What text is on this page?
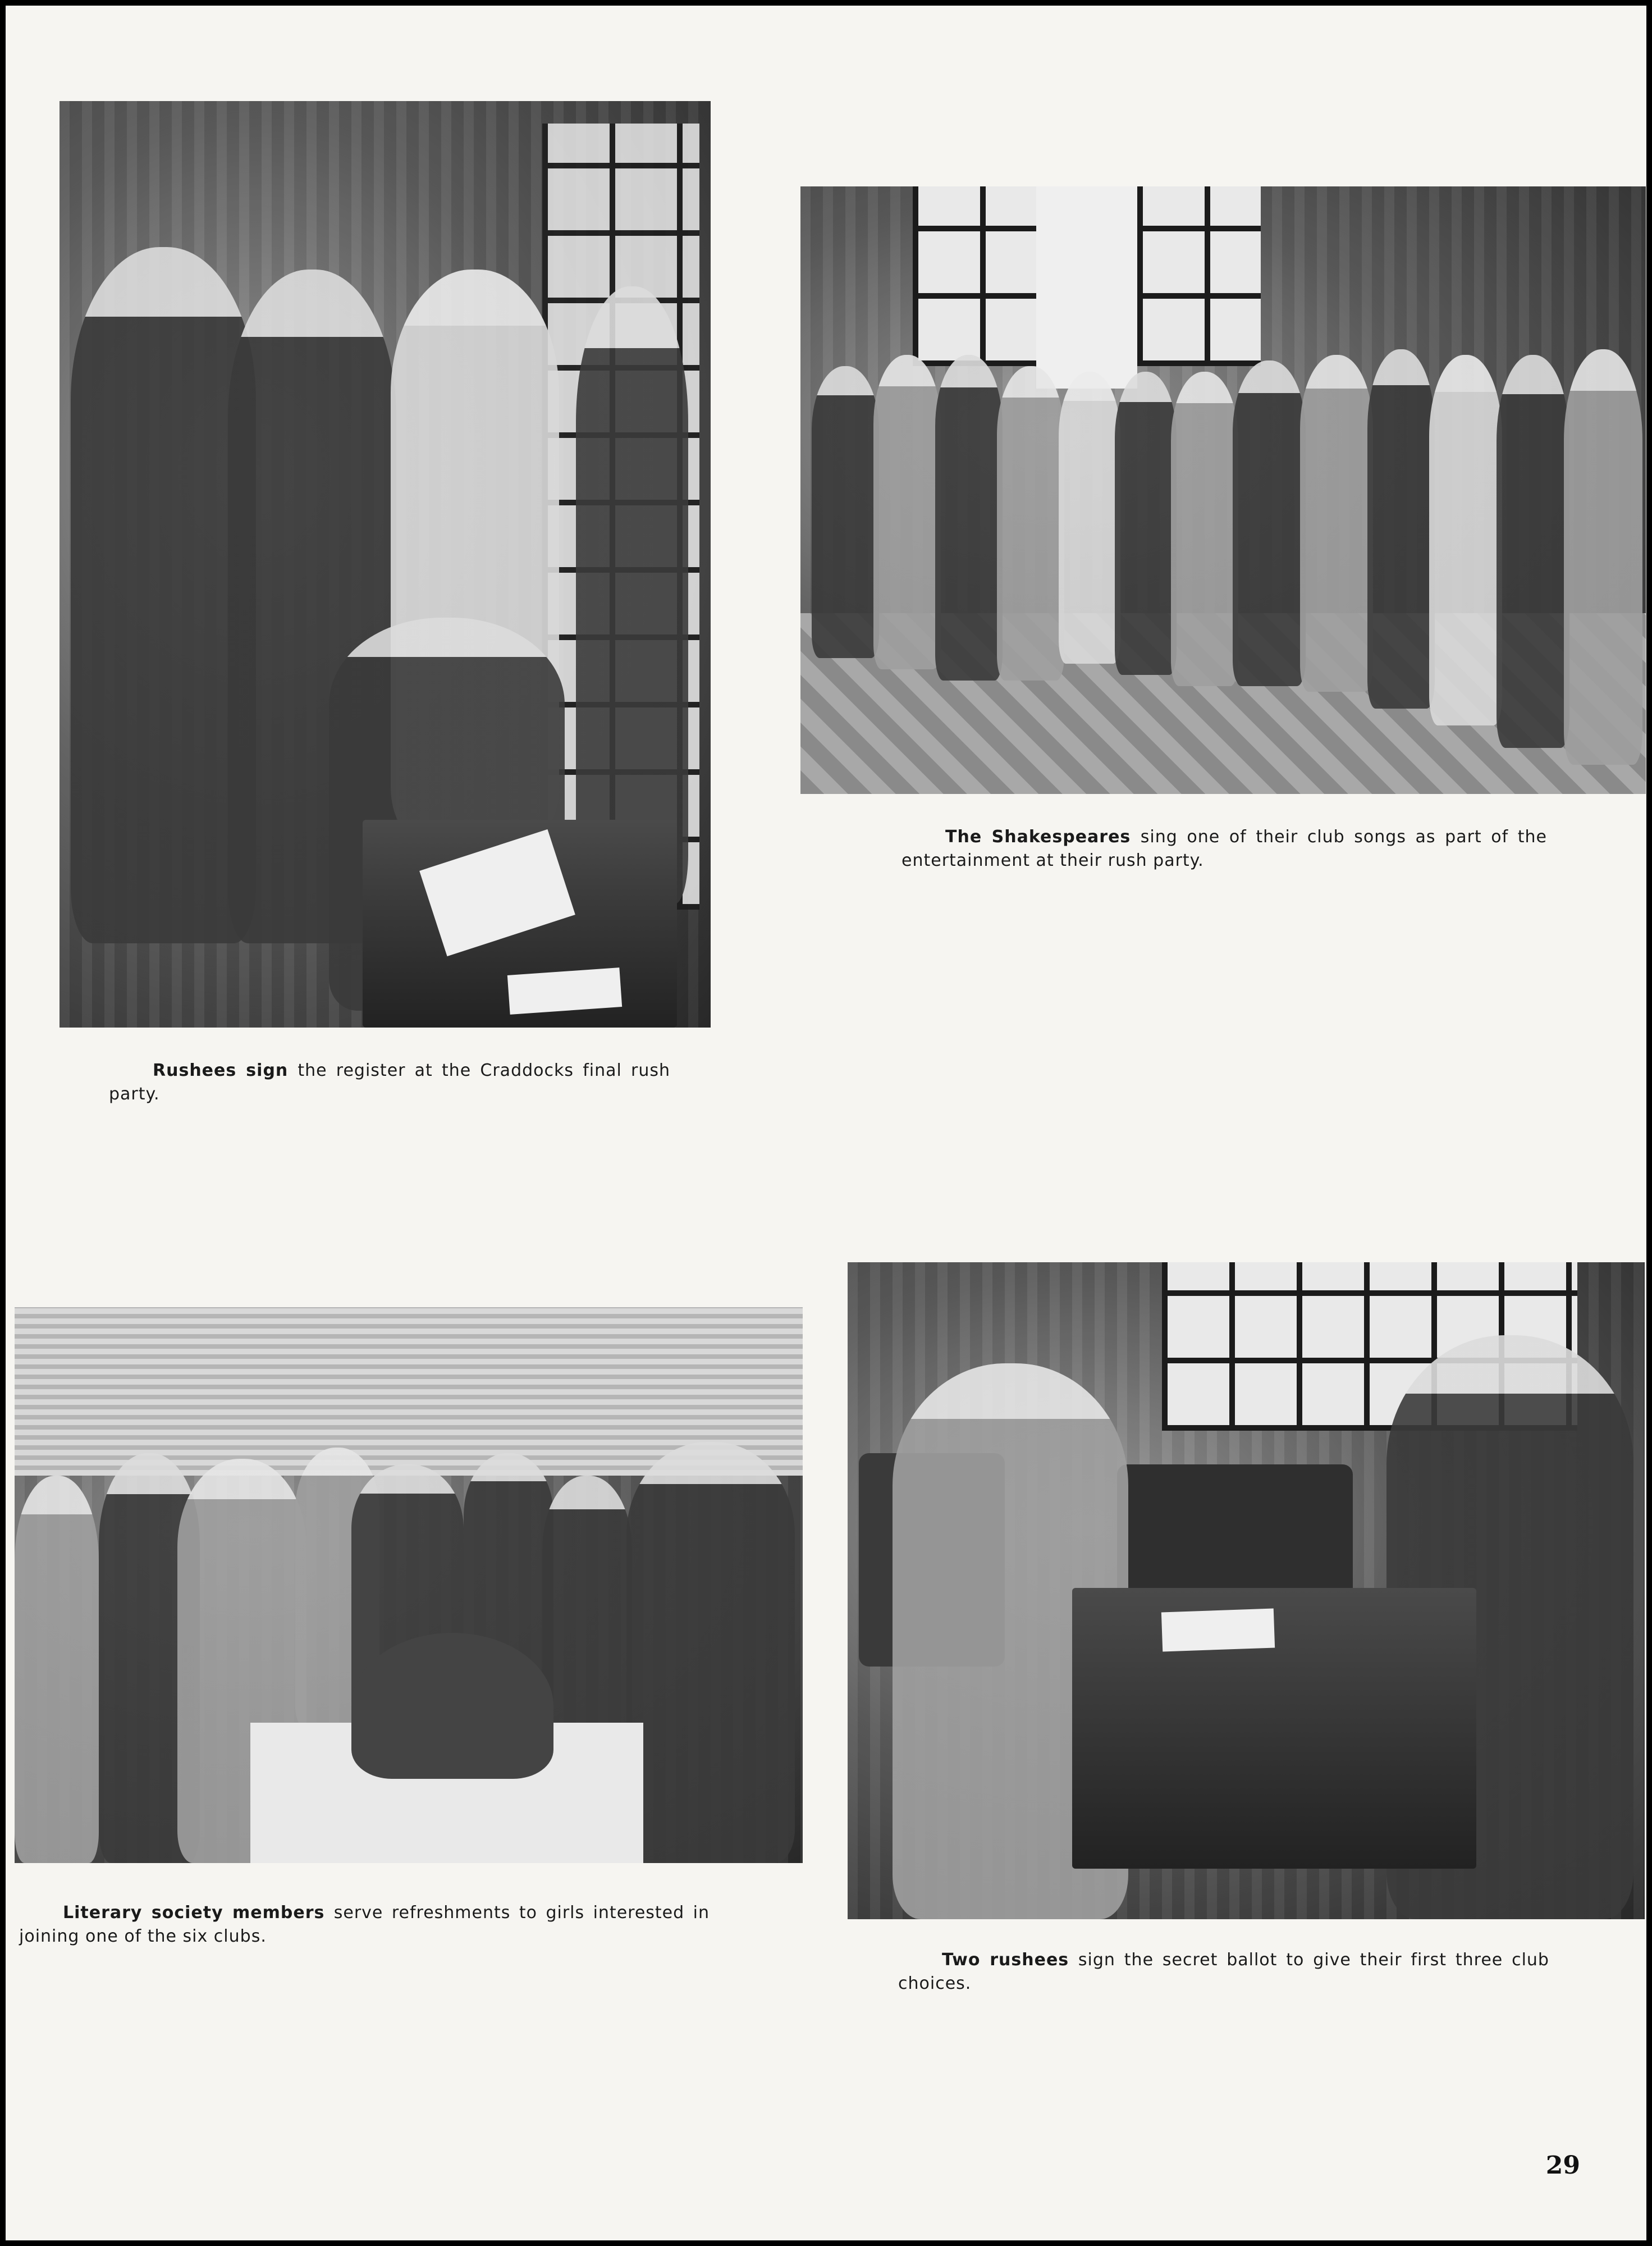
Rushees sign the register at the Craddocks final rush party.
The Shakespeares sing one of their club songs as part of the entertainment at their rush party.
Literary society members serve refreshments to girls interested in joining one of the six clubs.
Two rushees sign the secret ballot to give their first three club choices.
29
